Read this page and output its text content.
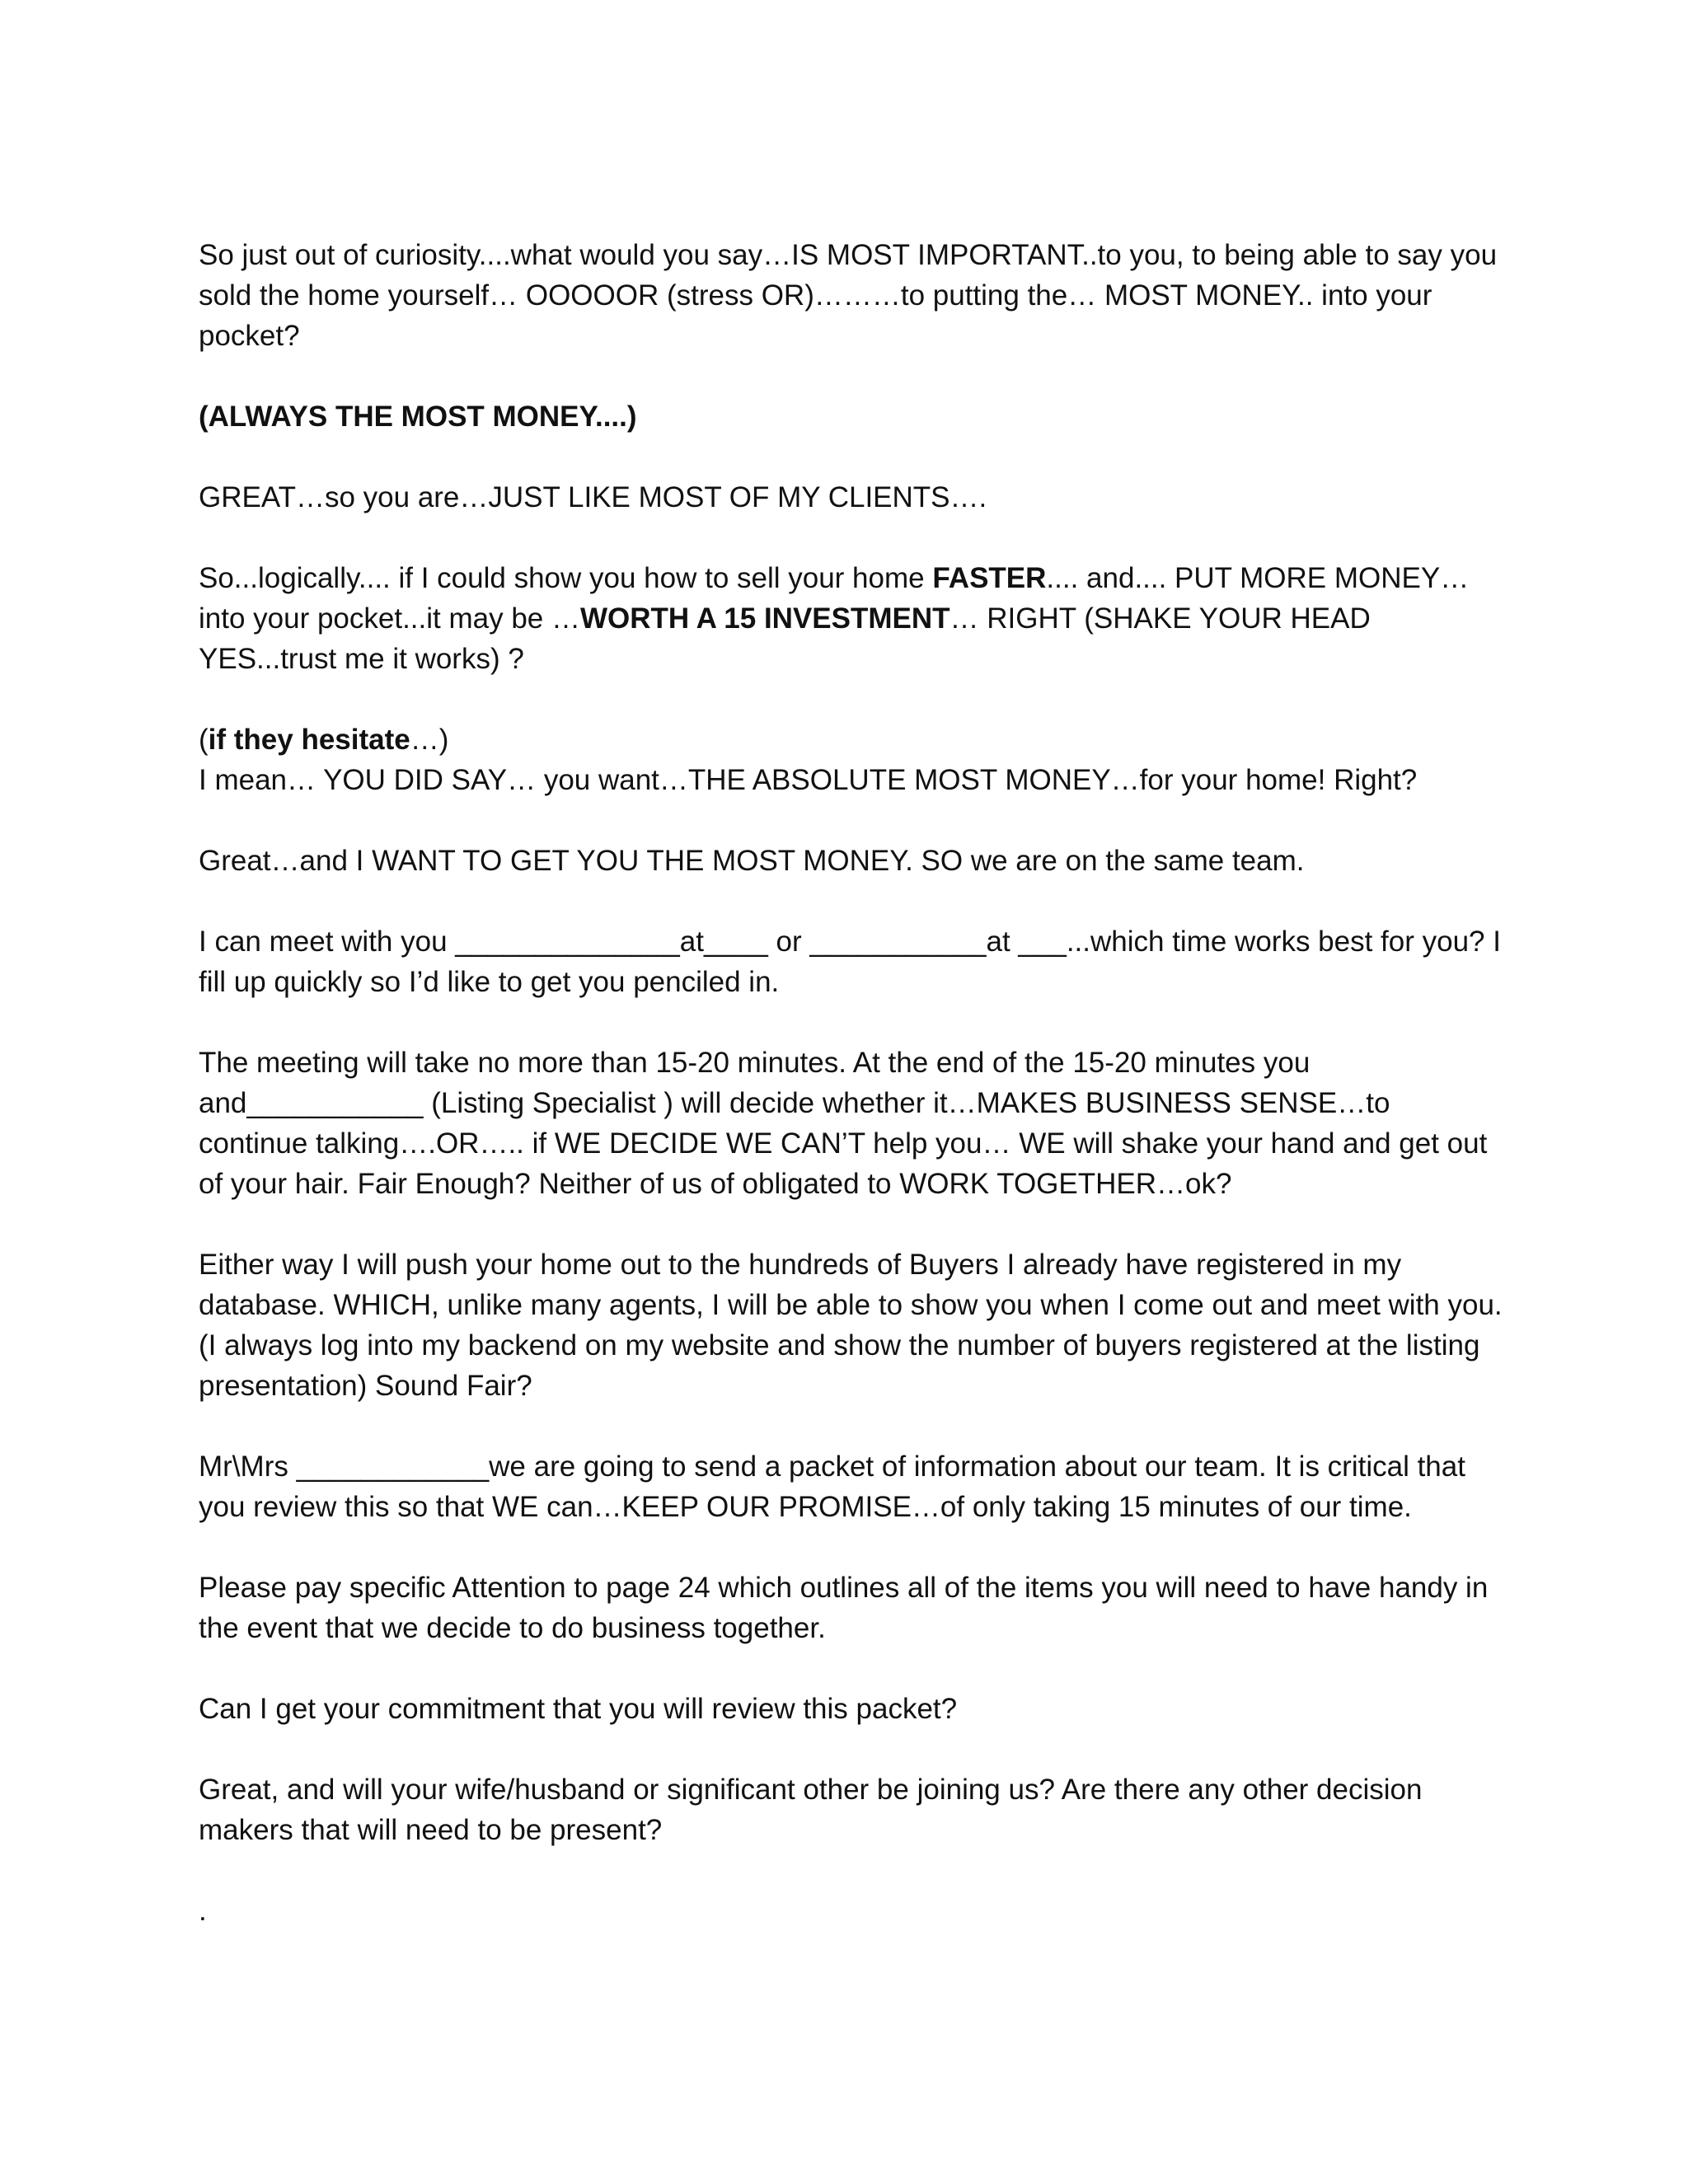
So just out of curiosity....what would you say…IS MOST IMPORTANT..to you, to being able to say you sold the home yourself… OOOOOR (stress OR)………to putting the… MOST MONEY.. into your pocket?

(ALWAYS THE MOST MONEY....)

GREAT…so you are…JUST LIKE MOST OF MY CLIENTS….

So...logically.... if I could show you how to sell your home FASTER.... and.... PUT MORE MONEY… into your pocket...it may be …WORTH A 15 INVESTMENT… RIGHT (SHAKE YOUR HEAD YES...trust me it works) ?

(if they hesitate…)

I mean… YOU DID SAY… you want…THE ABSOLUTE MOST MONEY…for your home! Right?

Great…and I WANT TO GET YOU THE MOST MONEY. SO we are on the same team.

I can meet with you ______________at____ or ___________at ___...which time works best for you? I fill up quickly so I’d like to get you penciled in.

The meeting will take no more than 15-20 minutes. At the end of the 15-20 minutes you and___________ (Listing Specialist ) will decide whether it…MAKES BUSINESS SENSE…to continue talking….OR….. if WE DECIDE WE CAN’T help you… WE will shake your hand and get out of your hair. Fair Enough? Neither of us of obligated to WORK TOGETHER…ok?

Either way I will push your home out to the hundreds of Buyers I already have registered in my database. WHICH, unlike many agents, I will be able to show you when I come out and meet with you. (I always log into my backend on my website and show the number of buyers registered at the listing presentation) Sound Fair?

Mr\Mrs ____________we are going to send a packet of information about our team. It is critical that you review this so that WE can…KEEP OUR PROMISE…of only taking 15 minutes of our time.

Please pay specific Attention to page 24 which outlines all of the items you will need to have handy in the event that we decide to do business together.

Can I get your commitment that you will review this packet?

Great, and will your wife/husband or significant other be joining us? Are there any other decision makers that will need to be present?

.
